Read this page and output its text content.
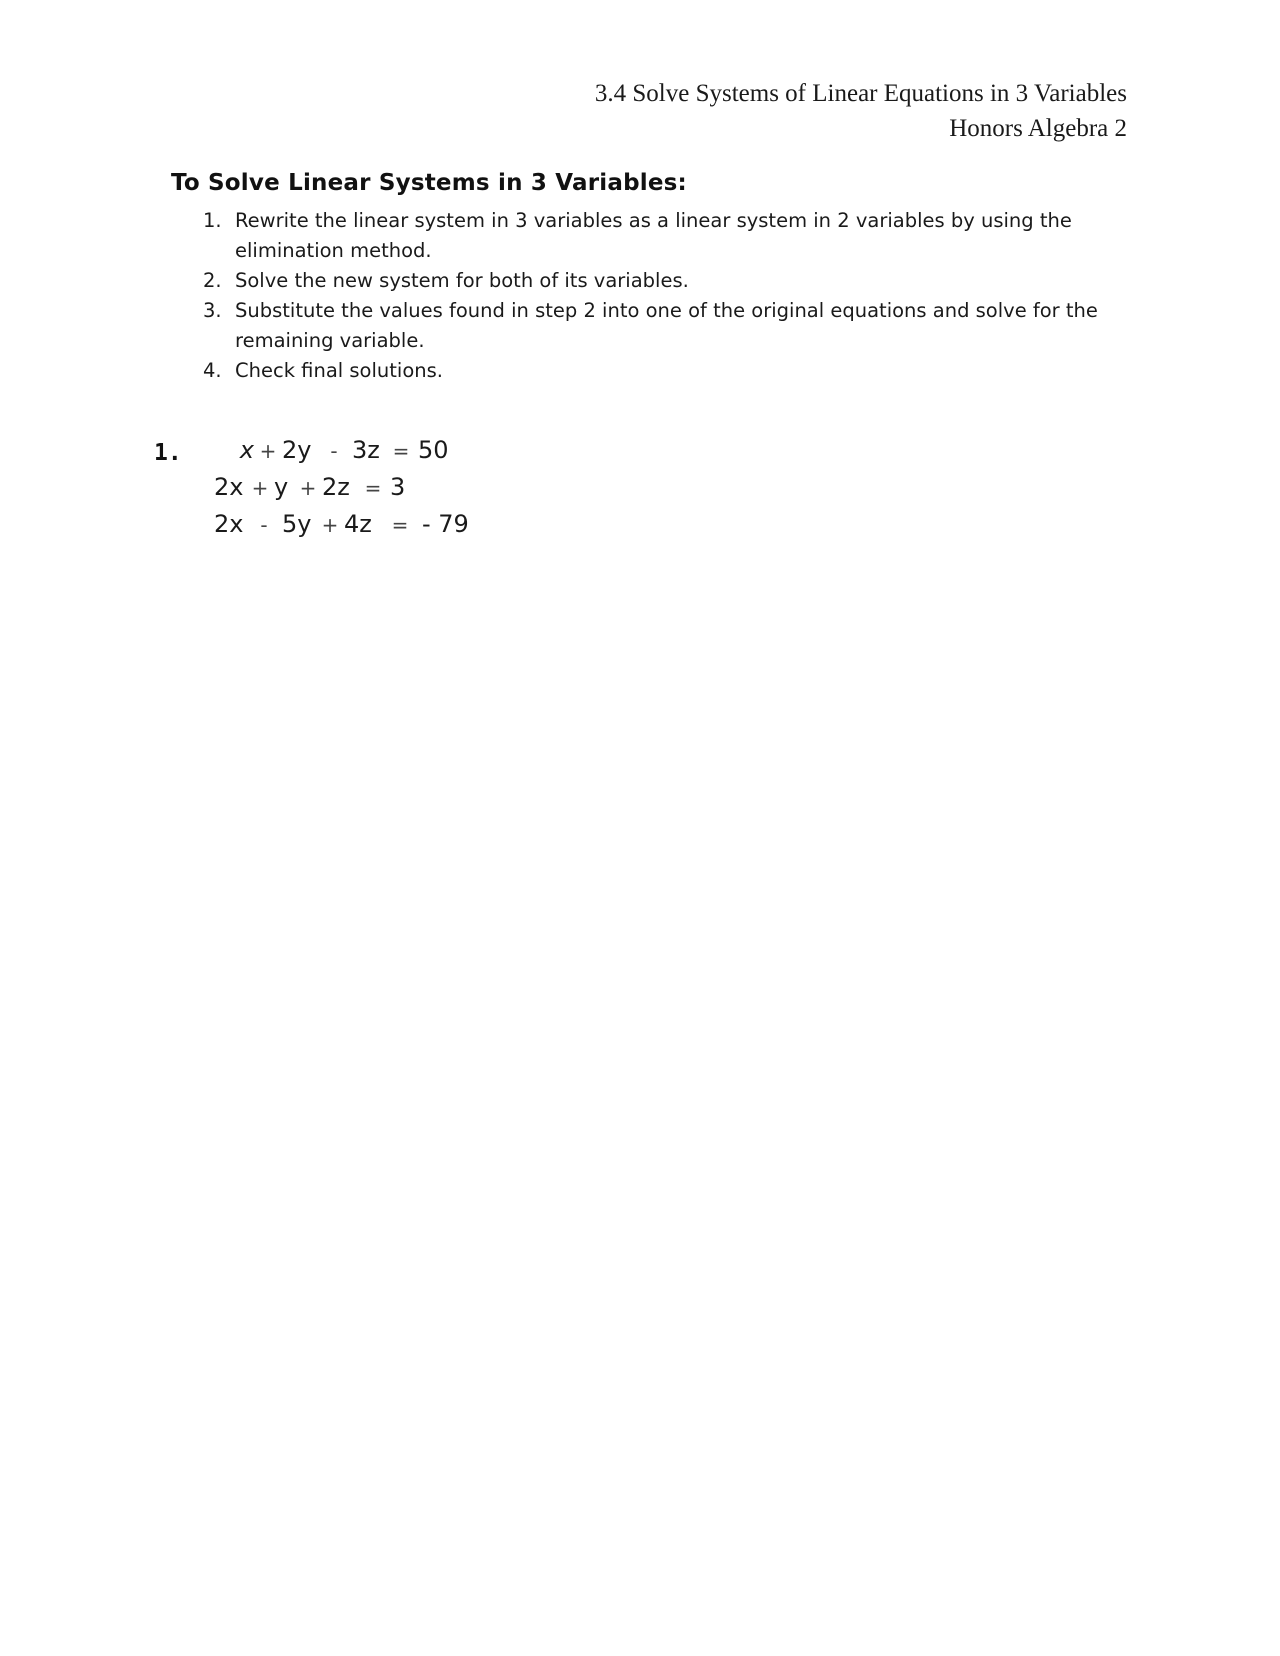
3.4 Solve Systems of Linear Equations in 3 Variables
Honors Algebra 2
To Solve Linear Systems in 3 Variables:
1. Rewrite the linear system in 3 variables as a linear system in 2 variables by using the elimination method.
2. Solve the new system for both of its variables.
3. Substitute the values found in step 2 into one of the original equations and solve for the remaining variable.
4. Check final solutions.
1.	x + 2y - 3z = 50
2x + y + 2z = 3
2x - 5y + 4z = - 79
